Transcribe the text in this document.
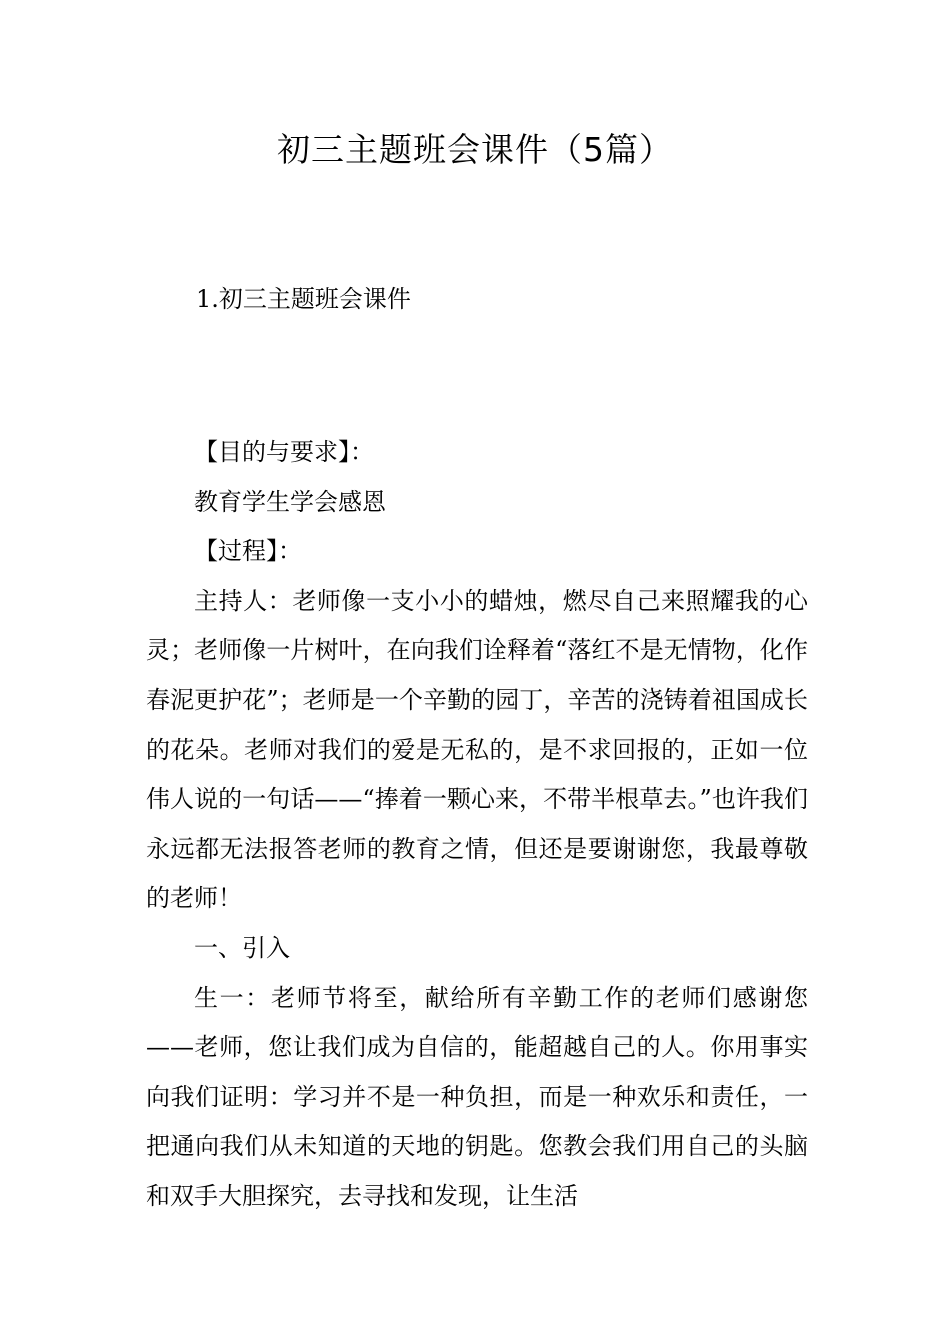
初三主题班会课件（5篇）
1.初三主题班会课件

【目的与要求】：

教育学生学会感恩

【过程】：

主持人：老师像一支小小的蜡烛，燃尽自己来照耀我的心灵；老师像一片树叶，在向我们诠释着“落红不是无情物，化作春泥更护花”；老师是一个辛勤的园丁，辛苦的浇铸着祖国成长的花朵。老师对我们的爱是无私的，是不求回报的，正如一位伟人说的一句话——“捧着一颗心来，不带半根草去。”也许我们永远都无法报答老师的教育之情，但还是要谢谢您，我最尊敬的老师！

一、引入

生一：老师节将至，献给所有辛勤工作的老师们感谢您——老师，您让我们成为自信的，能超越自己的人。你用事实向我们证明：学习并不是一种负担，而是一种欢乐和责任，一把通向我们从未知道的天地的钥匙。您教会我们用自己的头脑和双手大胆探究，去寻找和发现，让生活
